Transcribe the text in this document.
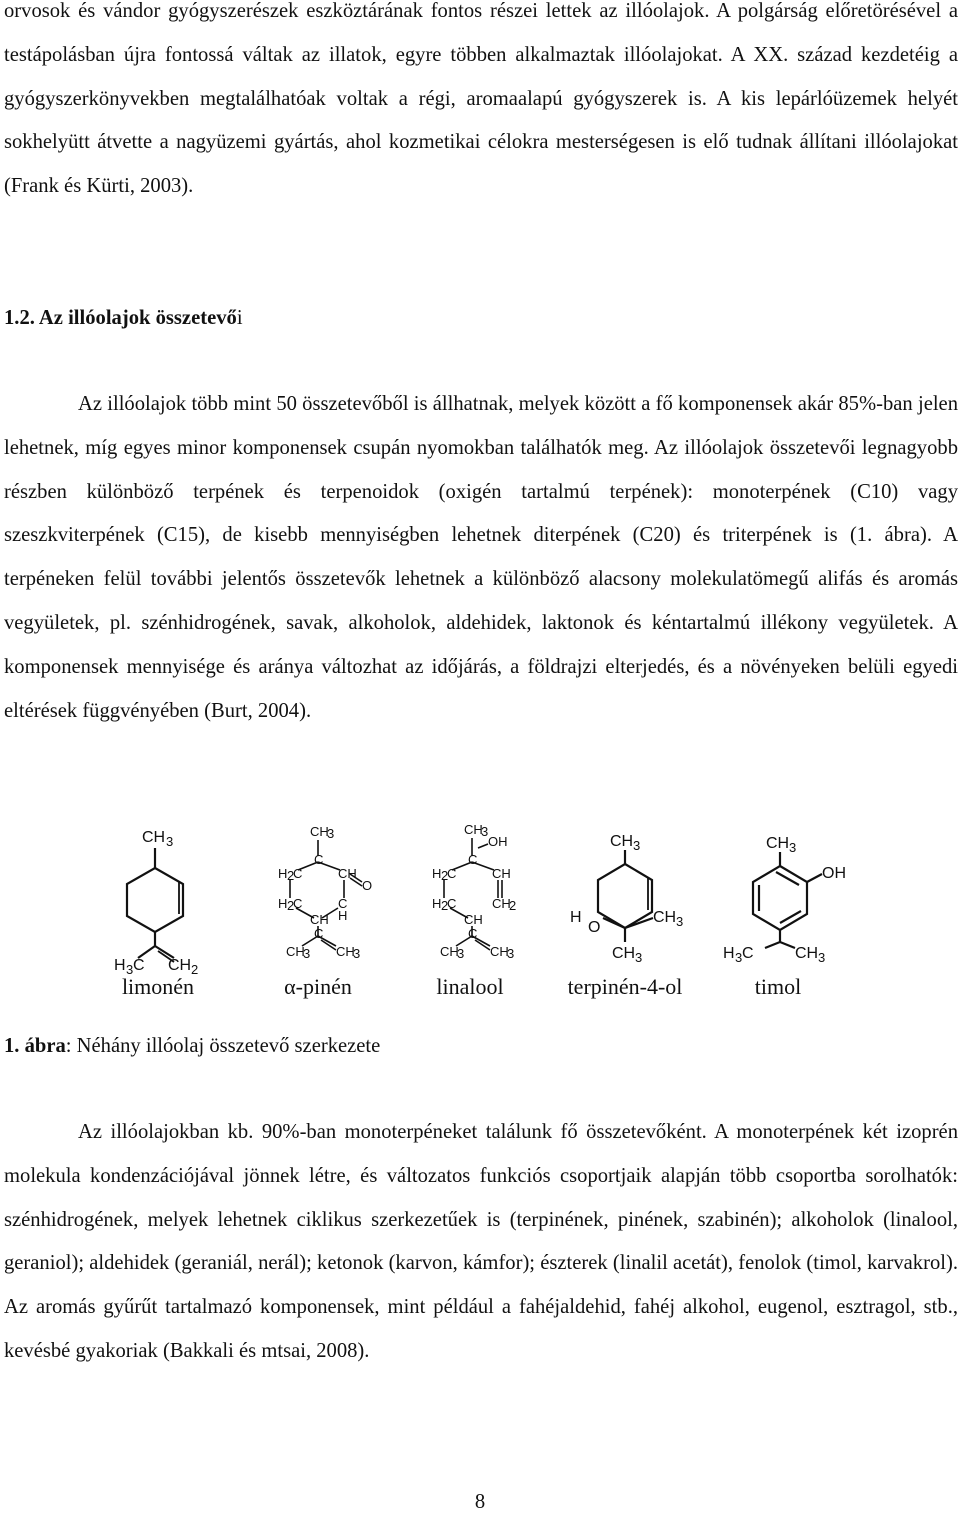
orvosok és vándor gyógyszerészek eszköztárának fontos részei lettek az illóolajok. A polgárság előretörésével a testápolásban újra fontossá váltak az illatok, egyre többen alkalmaztak illóolajokat. A XX. század kezdetéig a gyógyszerkönyvekben megtalálhatóak voltak a régi, aromaalapú gyógyszerek is. A kis lepárlóüzemek helyét sokhelyütt átvette a nagyüzemi gyártás, ahol kozmetikai célokra mesterségesen is elő tudnak állítani illóolajokat (Frank és Kürti, 2003).

1.2. Az illóolajok összetevői

Az illóolajok több mint 50 összetevőből is állhatnak, melyek között a fő komponensek akár 85%-ban jelen lehetnek, míg egyes minor komponensek csupán nyomokban találhatók meg. Az illóolajok összetevői legnagyobb részben különböző terpének és terpenoidok (oxigén tartalmú terpének): monoterpének (C10) vagy szeszkviterpének (C15), de kisebb mennyiségben lehetnek diterpének (C20) és triterpének is (1. ábra). A terpéneken felül további jelentős összetevők lehetnek a különböző alacsony molekulatömegű alifás és aromás vegyületek, pl. szénhidrogének, savak, alkoholok, aldehidek, laktonok és kéntartalmú illékony vegyületek. A komponensek mennyisége és aránya változhat az időjárás, a földrajzi elterjedés, és a növényeken belüli egyedi eltérések függvényében (Burt, 2004).

CH 3
H 3 C CH 2
CH
3
C
H 2
C	CH
H 2
C
O
C
H
CH
C
CH
3 CH
3
CH
3
OH
C
H 2
C	CH
H 2
C	CH
2
CH
C
CH
3 CH
3
CH 3
H
O
CH 3
CH 3
CH 3
OH
H 3 C	CH 3
limonén	α-pinén	linalool	terpinén-4-ol	timol

1. ábra: Néhány illóolaj összetevő szerkezete

Az illóolajokban kb. 90%-ban monoterpéneket találunk fő összetevőként. A monoterpének két izoprén molekula kondenzációjával jönnek létre, és változatos funkciós csoportjaik alapján több csoportba sorolhatók: szénhidrogének, melyek lehetnek ciklikus szerkezetűek is (terpinének, pinének, szabinén); alkoholok (linalool, geraniol); aldehidek (geraniál, nerál); ketonok (karvon, kámfor); észterek (linalil acetát), fenolok (timol, karvakrol). Az aromás gyűrűt tartalmazó komponensek, mint például a fahéjaldehid, fahéj alkohol, eugenol, esztragol, stb., kevésbé gyakoriak (Bakkali és mtsai, 2008).

8
